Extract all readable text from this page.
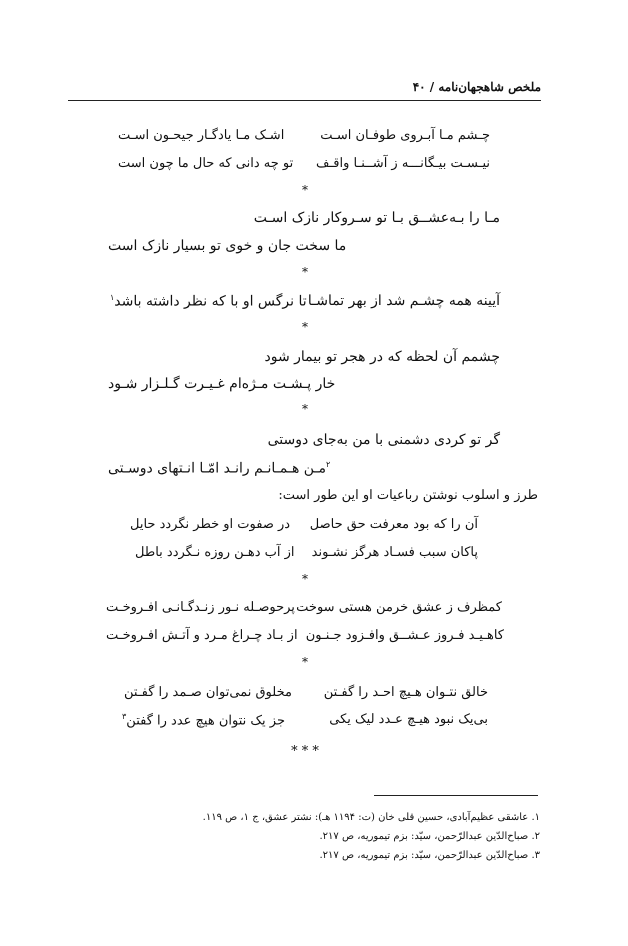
ملخص شاهجهان‌نامه / ۴۰
چـشم مـا آبـروی طوفـان اسـت
اشـک مـا یادگـار جیحـون اسـت
نیـسـت بیـگانـــه ز آشــنـا واقـف
تو چه دانی که حال ما چون است
*
مـا را بـه‌عشــق بـا تو سـروکار نازک اسـت
ما سخت جان و خوی تو بسیار نازک است
*
آیینه همه چشـم شد از بهر تماشـا
تا نرگس او با که نظر داشته باشد$^۱$
*
چشمم آن لحظه که در هجر تو بیمار شود
خار پـشـت مـژه‌ام غـیـرت گـلـزار شـود
*
گر تو کردی دشمنی با من به‌جای دوستی
$^۲$مـن هـمـانـم رانـد امّـا انـتهای دوسـتی
طرز و اسلوب نوشتن رباعیات او این طور است:
آن را که بود معرفت حق حاصل
در صفوت او خطر نگردد حایل
پاکان سبب فسـاد هرگز نشـوند
از آب دهـن روزه نـگردد باطل
*
کمظرف ز عشق خرمن هستی سوخت
پرحوصـله نـور زنـدگـانـی افـروخـت
کاهـیـد فـروز عـشــق وافـزود جـنـون
از بـاد چـراغ مـرد و آتـش افـروخـت
*
خالق نتـوان هـیچ احـد را گفـتن
مخلوق نمی‌توان صـمد را گفـتن
بی‌یک نبود هیـچ عـدد لیک یکی
جز یک نتوان هیچ عدد را گفتن$^۳$
* * *
۱. عاشقی عظیم‌آبادی، حسین قلی خان (ت: ۱۱۹۴ هـ): نشتر عشق، ج ۱، ص ۱۱۹.
۲. صباح‌الدّین عبدالرّحمن، سیّد: بزم تیموریه، ص ۲۱۷.
۳. صباح‌الدّین عبدالرّحمن، سیّد: بزم تیموریه، ص ۲۱۷.
